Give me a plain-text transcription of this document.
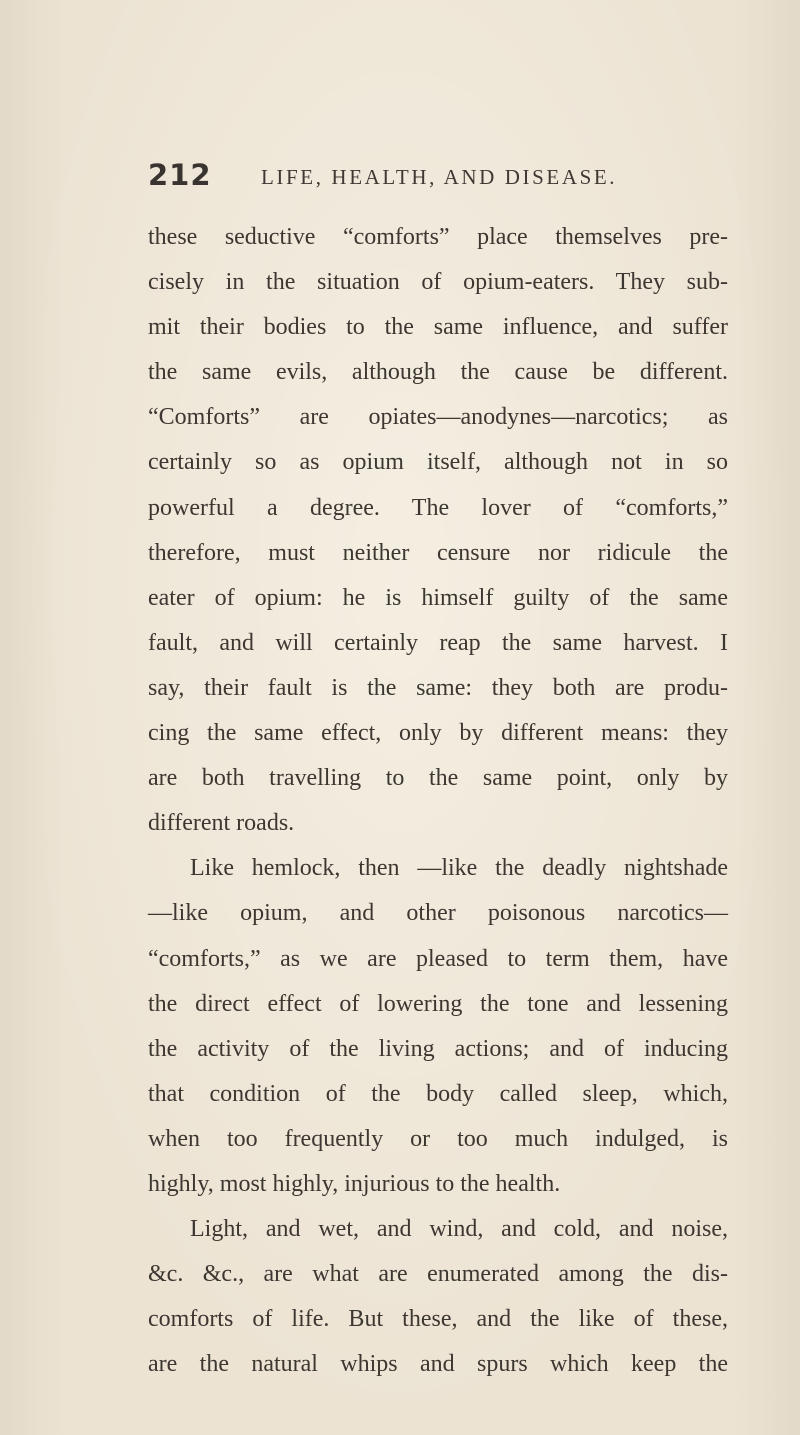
212 LIFE, HEALTH, AND DISEASE.
these seductive “comforts” place themselves pre-
cisely in the situation of opium-eaters. They sub-
mit their bodies to the same influence, and suffer
the same evils, although the cause be different.
“Comforts” are opiates—anodynes—narcotics; as
certainly so as opium itself, although not in so
powerful a degree. The lover of “comforts,”
therefore, must neither censure nor ridicule the
eater of opium: he is himself guilty of the same
fault, and will certainly reap the same harvest. I
say, their fault is the same: they both are produ-
cing the same effect, only by different means: they
are both travelling to the same point, only by
different roads.
Like hemlock, then —like the deadly nightshade
—like opium, and other poisonous narcotics—
“comforts,” as we are pleased to term them, have
the direct effect of lowering the tone and lessening
the activity of the living actions; and of inducing
that condition of the body called sleep, which,
when too frequently or too much indulged, is
highly, most highly, injurious to the health.
Light, and wet, and wind, and cold, and noise,
&c. &c., are what are enumerated among the dis-
comforts of life. But these, and the like of these,
are the natural whips and spurs which keep the
